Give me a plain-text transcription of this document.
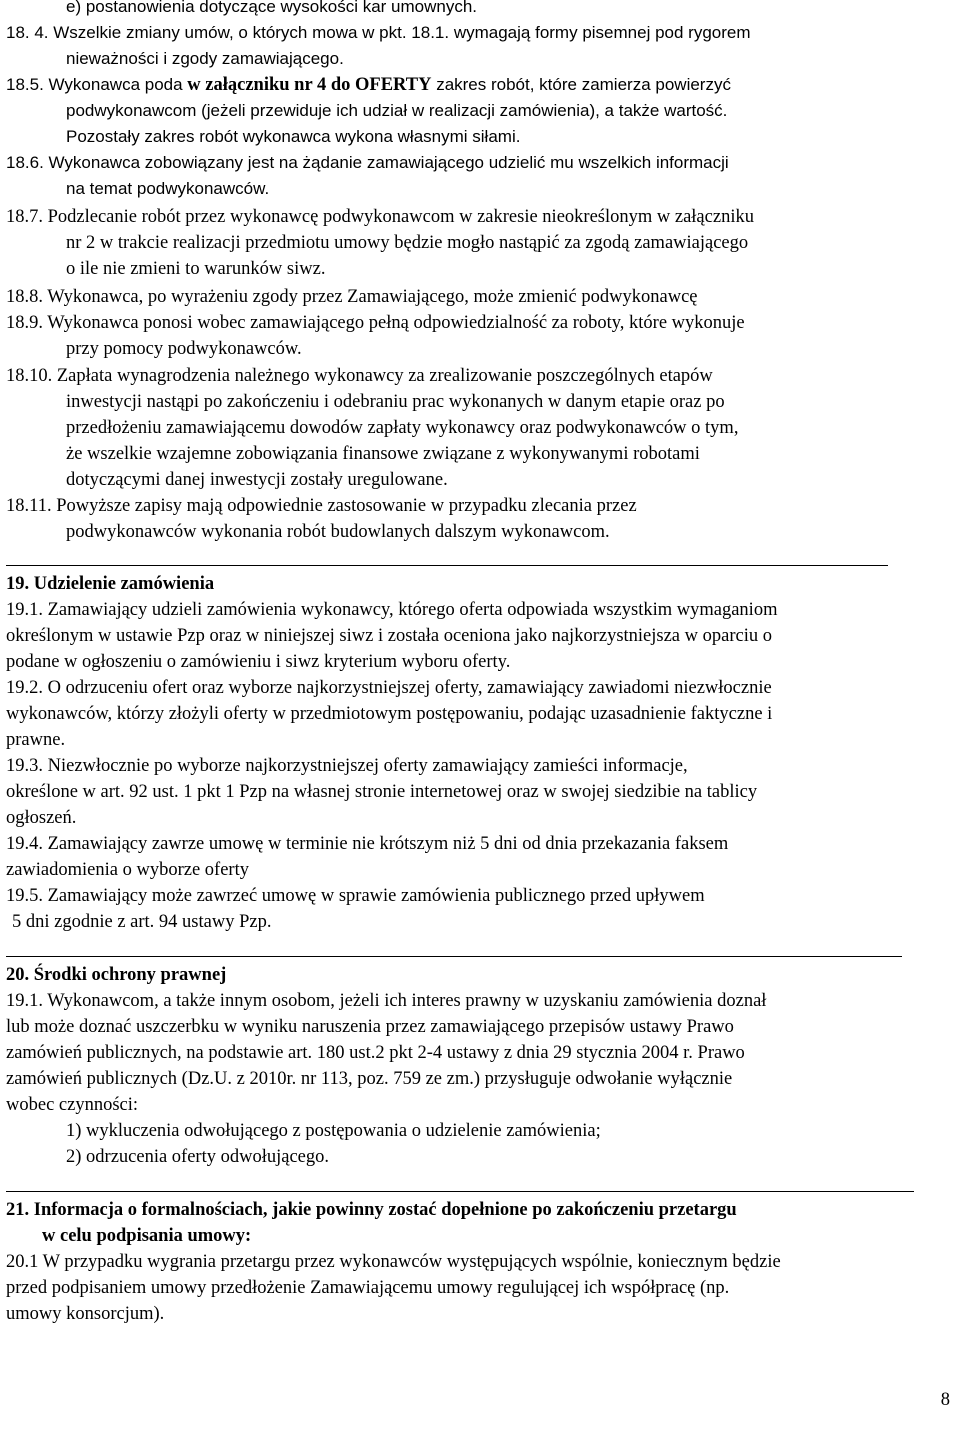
e) postanowienia dotyczące wysokości kar umownych.
18. 4. Wszelkie zmiany umów, o których mowa w pkt. 18.1. wymagają formy pisemnej pod rygorem
nieważności i zgody zamawiającego.
18.5. Wykonawca poda w załączniku nr 4 do OFERTY zakres robót, które zamierza powierzyć
podwykonawcom (jeżeli przewiduje ich udział w realizacji zamówienia), a także wartość.
Pozostały zakres robót wykonawca wykona własnymi siłami.
18.6. Wykonawca zobowiązany jest na żądanie zamawiającego udzielić mu wszelkich informacji
na temat podwykonawców.
18.7. Podzlecanie robót przez wykonawcę podwykonawcom w zakresie nieokreślonym w załączniku
nr 2 w trakcie realizacji przedmiotu umowy będzie mogło nastąpić za zgodą zamawiającego
o ile nie zmieni to warunków siwz.
18.8. Wykonawca, po wyrażeniu zgody przez Zamawiającego, może zmienić podwykonawcę
18.9. Wykonawca ponosi wobec zamawiającego pełną odpowiedzialność za roboty, które wykonuje
przy pomocy podwykonawców.
18.10. Zapłata wynagrodzenia należnego wykonawcy za zrealizowanie poszczególnych etapów
inwestycji nastąpi po zakończeniu i odebraniu prac wykonanych w danym etapie oraz po
przedłożeniu zamawiającemu dowodów zapłaty wykonawcy oraz podwykonawców o tym,
że wszelkie wzajemne zobowiązania finansowe związane z wykonywanymi robotami
dotyczącymi danej inwestycji zostały uregulowane.
18.11. Powyższe zapisy mają odpowiednie zastosowanie w przypadku zlecania przez
podwykonawców wykonania robót budowlanych dalszym wykonawcom.
19. Udzielenie zamówienia
19.1. Zamawiający udzieli zamówienia wykonawcy, którego oferta odpowiada wszystkim wymaganiom
określonym w ustawie Pzp oraz w niniejszej siwz i została oceniona jako najkorzystniejsza w oparciu o
podane w ogłoszeniu o zamówieniu i siwz kryterium wyboru oferty.
19.2. O odrzuceniu ofert oraz wyborze najkorzystniejszej oferty, zamawiający zawiadomi niezwłocznie
wykonawców, którzy złożyli oferty w przedmiotowym postępowaniu, podając uzasadnienie faktyczne i
prawne.
19.3. Niezwłocznie po wyborze najkorzystniejszej oferty zamawiający zamieści informacje,
określone w art. 92 ust. 1 pkt 1 Pzp na własnej stronie internetowej oraz w swojej siedzibie na tablicy
ogłoszeń.
19.4. Zamawiający zawrze umowę w terminie nie krótszym niż 5 dni od dnia przekazania faksem
zawiadomienia o wyborze oferty
19.5. Zamawiający może zawrzeć umowę w sprawie zamówienia publicznego przed upływem
5 dni zgodnie z art. 94 ustawy Pzp.
20. Środki ochrony prawnej
19.1. Wykonawcom, a także innym osobom, jeżeli ich interes prawny w uzyskaniu zamówienia doznał
lub może doznać uszczerbku w wyniku naruszenia przez zamawiającego przepisów ustawy Prawo
zamówień publicznych, na podstawie art. 180 ust.2 pkt 2-4 ustawy z dnia 29 stycznia 2004 r. Prawo
zamówień publicznych (Dz.U. z 2010r. nr 113, poz. 759 ze zm.) przysługuje odwołanie wyłącznie
wobec czynności:
1) wykluczenia odwołującego z postępowania o udzielenie zamówienia;
2) odrzucenia oferty odwołującego.
21. Informacja o formalnościach, jakie powinny zostać dopełnione po zakończeniu przetargu
w celu podpisania umowy:
20.1 W przypadku wygrania przetargu przez wykonawców występujących wspólnie, koniecznym będzie
przed podpisaniem umowy przedłożenie Zamawiającemu umowy regulującej ich współpracę (np.
umowy konsorcjum).
8
